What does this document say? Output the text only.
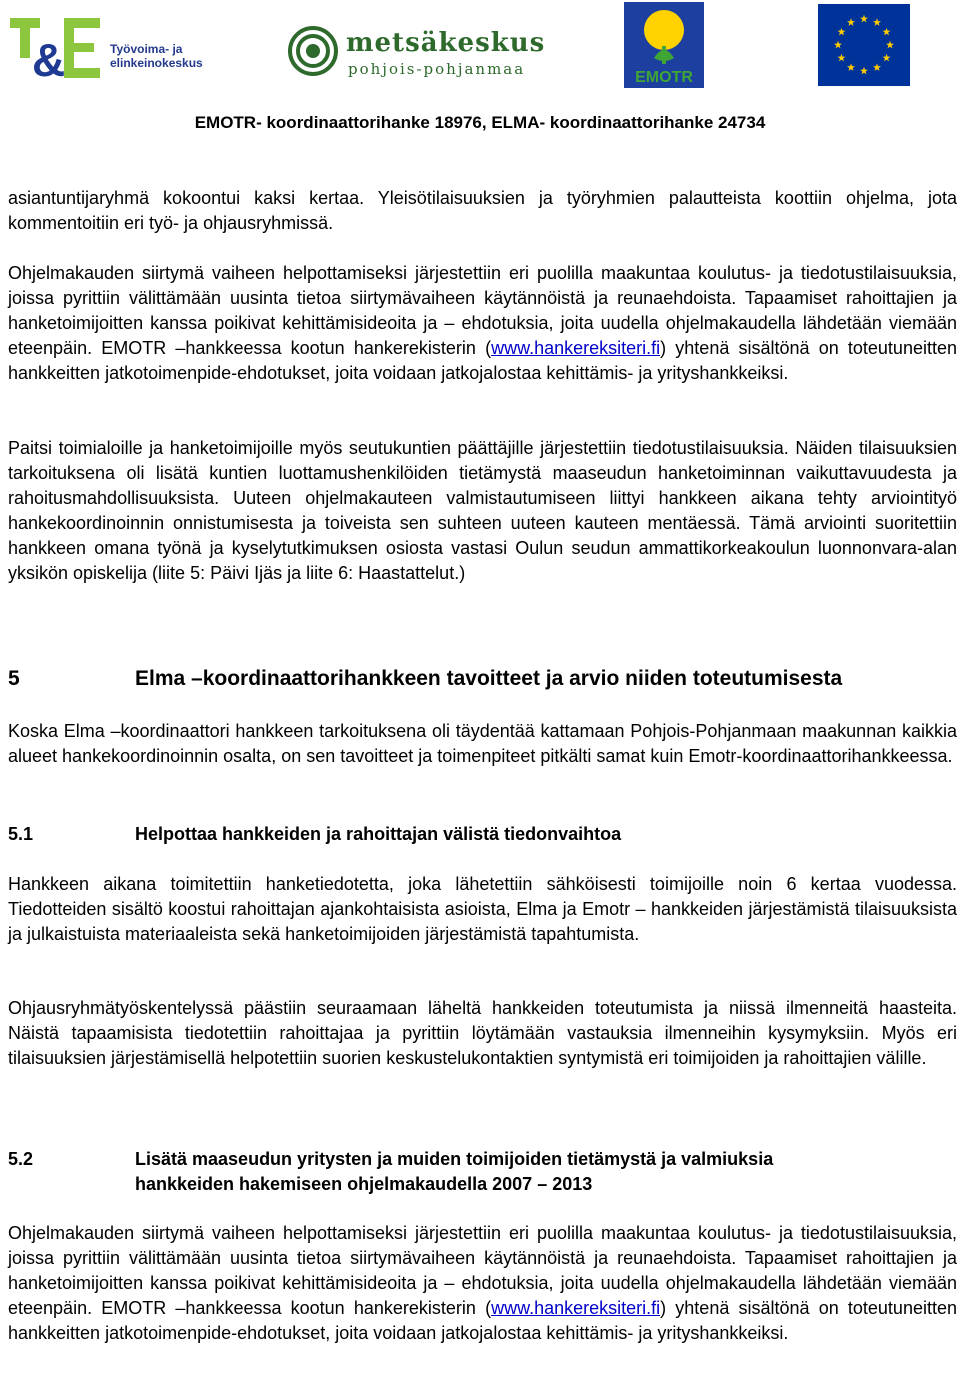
&	Työvoima- ja
elinkeinokeskus
metsäkeskus
pohjois-pohjanmaa	EMOTR
EMOTR- koordinaattorihanke 18976, ELMA- koordinaattorihanke 24734

asiantuntijaryhmä kokoontui kaksi kertaa. Yleisötilaisuuksien ja työryhmien palautteista koottiin ohjelma, jota kommentoitiin eri työ- ja ohjausryhmissä.

Ohjelmakauden siirtymä vaiheen helpottamiseksi järjestettiin eri puolilla maakuntaa koulutus- ja tiedotustilaisuuksia, joissa pyrittiin välittämään uusinta tietoa siirtymävaiheen käytännöistä ja reunaehdoista. Tapaamiset rahoittajien ja hanketoimijoitten kanssa poikivat kehittämisideoita ja – ehdotuksia, joita uudella ohjelmakaudella lähdetään viemään eteenpäin. EMOTR –hankkeessa kootun hankerekisterin (www.hankereksiteri.fi) yhtenä sisältönä on toteutuneitten hankkeitten jatkotoimenpide-ehdotukset, joita voidaan jatkojalostaa kehittämis- ja yrityshankkeiksi.

Paitsi toimialoille ja hanketoimijoille myös seutukuntien päättäjille järjestettiin tiedotustilaisuuksia. Näiden tilaisuuksien tarkoituksena oli lisätä kuntien luottamushenkilöiden tietämystä maaseudun hanketoiminnan vaikuttavuudesta ja rahoitusmahdollisuuksista. Uuteen ohjelmakauteen valmistautumiseen liittyi hankkeen aikana tehty arviointityö hankekoordinoinnin onnistumisesta ja toiveista sen suhteen uuteen kauteen mentäessä. Tämä arviointi suoritettiin hankkeen omana työnä ja kyselytutkimuksen osiosta vastasi Oulun seudun ammattikorkeakoulun luonnonvara-alan yksikön opiskelija (liite 5: Päivi Ijäs ja liite 6: Haastattelut.)

5	Elma –koordinaattorihankkeen tavoitteet ja arvio niiden toteutumisesta

Koska Elma –koordinaattori hankkeen tarkoituksena oli täydentää kattamaan Pohjois-Pohjanmaan maakunnan kaikkia alueet hankekoordinoinnin osalta, on sen tavoitteet ja toimenpiteet pitkälti samat kuin Emotr-koordinaattorihankkeessa.

5.1	Helpottaa hankkeiden ja rahoittajan välistä tiedonvaihtoa

Hankkeen aikana toimitettiin hanketiedotetta, joka lähetettiin sähköisesti toimijoille noin 6 kertaa vuodessa. Tiedotteiden sisältö koostui rahoittajan ajankohtaisista asioista, Elma ja Emotr – hankkeiden järjestämistä tilaisuuksista ja julkaistuista materiaaleista sekä hanketoimijoiden järjestämistä tapahtumista.

Ohjausryhmätyöskentelyssä päästiin seuraamaan läheltä hankkeiden toteutumista ja niissä ilmenneitä haasteita. Näistä tapaamisista tiedotettiin rahoittajaa ja pyrittiin löytämään vastauksia ilmenneihin kysymyksiin. Myös eri tilaisuuksien järjestämisellä helpotettiin suorien keskustelukontaktien syntymistä eri toimijoiden ja rahoittajien välille.

5.2	Lisätä maaseudun yritysten ja muiden toimijoiden tietämystä ja valmiuksia
hankkeiden hakemiseen ohjelmakaudella 2007 – 2013

Ohjelmakauden siirtymä vaiheen helpottamiseksi järjestettiin eri puolilla maakuntaa koulutus- ja tiedotustilaisuuksia, joissa pyrittiin välittämään uusinta tietoa siirtymävaiheen käytännöistä ja reunaehdoista. Tapaamiset rahoittajien ja hanketoimijoitten kanssa poikivat kehittämisideoita ja – ehdotuksia, joita uudella ohjelmakaudella lähdetään viemään eteenpäin. EMOTR –hankkeessa kootun hankerekisterin (www.hankereksiteri.fi) yhtenä sisältönä on toteutuneitten hankkeitten jatkotoimenpide-ehdotukset, joita voidaan jatkojalostaa kehittämis- ja yrityshankkeiksi.
